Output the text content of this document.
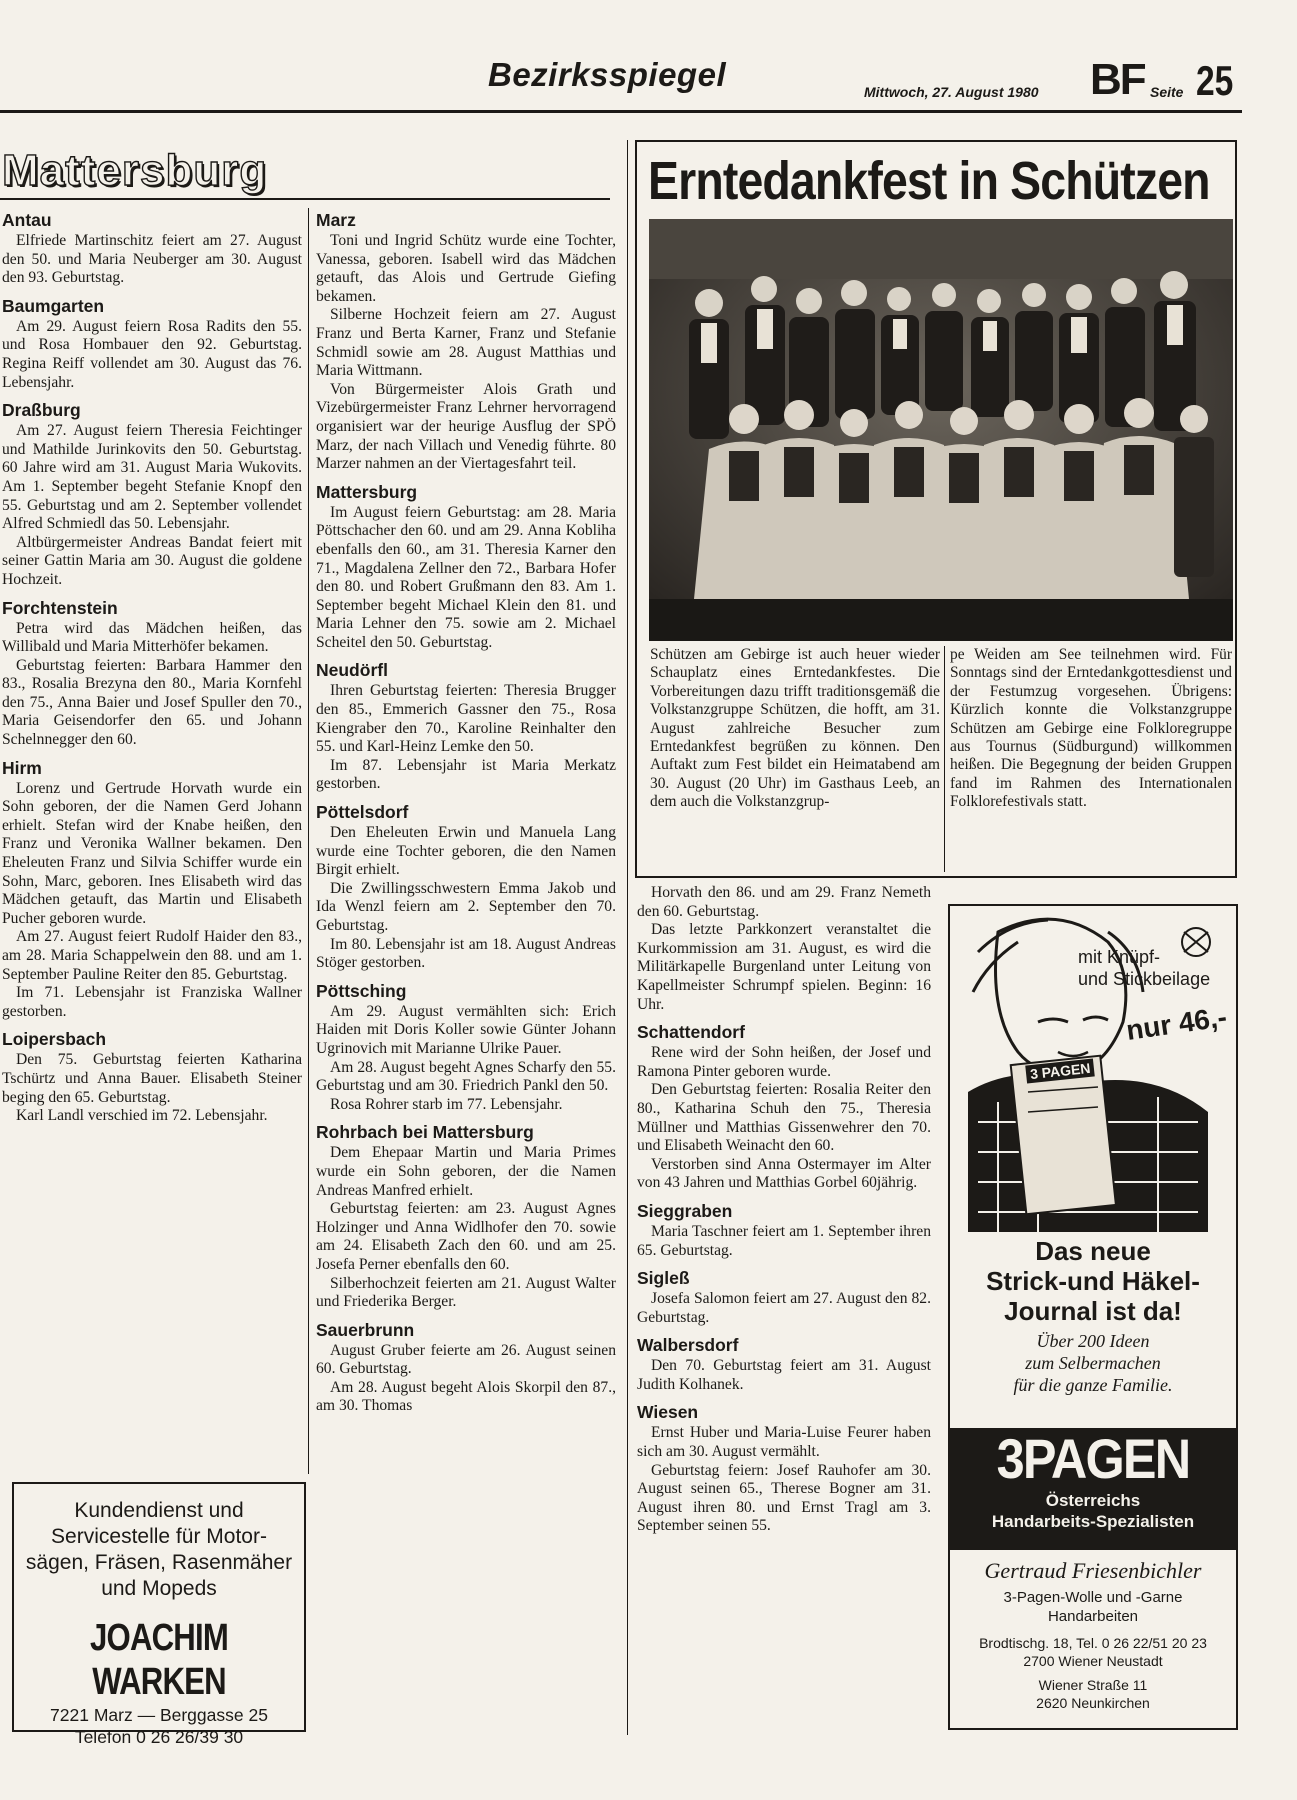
Bezirksspiegel	Mittwoch, 27. August 1980 BF Seite 25
Mattersburg
Antau

Elfriede Martinschitz feiert am 27. August den 50. und Maria Neuberger am 30. August den 93. Geburtstag.

Baumgarten

Am 29. August feiern Rosa Radits den 55. und Rosa Hombauer den 92. Geburtstag. Regina Reiff vollendet am 30. August das 76. Lebensjahr.

Draßburg

Am 27. August feiern Theresia Feichtinger und Mathilde Jurinkovits den 50. Geburtstag. 60 Jahre wird am 31. August Maria Wukovits. Am 1. September begeht Stefanie Knopf den 55. Geburtstag und am 2. September vollendet Alfred Schmiedl das 50. Lebensjahr.

Altbürgermeister Andreas Bandat feiert mit seiner Gattin Maria am 30. August die goldene Hochzeit.

Forchtenstein

Petra wird das Mädchen heißen, das Willibald und Maria Mitterhöfer bekamen.

Geburtstag feierten: Barbara Hammer den 83., Rosalia Brezyna den 80., Maria Kornfehl den 75., Anna Baier und Josef Spuller den 70., Maria Geisendorfer den 65. und Johann Schelnnegger den 60.

Hirm

Lorenz und Gertrude Horvath wurde ein Sohn geboren, der die Namen Gerd Johann erhielt. Stefan wird der Knabe heißen, den Franz und Veronika Wallner bekamen. Den Eheleuten Franz und Silvia Schiffer wurde ein Sohn, Marc, geboren. Ines Elisabeth wird das Mädchen getauft, das Martin und Elisabeth Pucher geboren wurde.

Am 27. August feiert Rudolf Haider den 83., am 28. Maria Schappelwein den 88. und am 1. September Pauline Reiter den 85. Geburtstag.

Im 71. Lebensjahr ist Franziska Wallner gestorben.

Loipersbach

Den 75. Geburtstag feierten Katharina Tschürtz und Anna Bauer. Elisabeth Steiner beging den 65. Geburtstag.

Karl Landl verschied im 72. Lebensjahr.

Marz

Toni und Ingrid Schütz wurde eine Tochter, Vanessa, geboren. Isabell wird das Mädchen getauft, das Alois und Gertrude Giefing bekamen.

Silberne Hochzeit feiern am 27. August Franz und Berta Karner, Franz und Stefanie Schmidl sowie am 28. August Matthias und Maria Wittmann.

Von Bürgermeister Alois Grath und Vizebürgermeister Franz Lehrner hervorragend organisiert war der heurige Ausflug der SPÖ Marz, der nach Villach und Venedig führte. 80 Marzer nahmen an der Viertagesfahrt teil.

Mattersburg

Im August feiern Geburtstag: am 28. Maria Pöttschacher den 60. und am 29. Anna Kobliha ebenfalls den 60., am 31. Theresia Karner den 71., Magdalena Zellner den 72., Barbara Hofer den 80. und Robert Grußmann den 83. Am 1. September begeht Michael Klein den 81. und Maria Lehner den 75. sowie am 2. Michael Scheitel den 50. Geburtstag.

Neudörfl

Ihren Geburtstag feierten: Theresia Brugger den 85., Emmerich Gassner den 75., Rosa Kiengraber den 70., Karoline Reinhalter den 55. und Karl-Heinz Lemke den 50.

Im 87. Lebensjahr ist Maria Merkatz gestorben.

Pöttelsdorf

Den Eheleuten Erwin und Manuela Lang wurde eine Tochter geboren, die den Namen Birgit erhielt.

Die Zwillingsschwestern Emma Jakob und Ida Wenzl feiern am 2. September den 70. Geburtstag.

Im 80. Lebensjahr ist am 18. August Andreas Stöger gestorben.

Pöttsching

Am 29. August vermählten sich: Erich Haiden mit Doris Koller sowie Günter Johann Ugrinovich mit Marianne Ulrike Pauer.

Am 28. August begeht Agnes Scharfy den 55. Geburtstag und am 30. Friedrich Pankl den 50.

Rosa Rohrer starb im 77. Lebensjahr.

Rohrbach bei Mattersburg

Dem Ehepaar Martin und Maria Primes wurde ein Sohn geboren, der die Namen Andreas Manfred erhielt.

Geburtstag feierten: am 23. August Agnes Holzinger und Anna Widlhofer den 70. sowie am 24. Elisabeth Zach den 60. und am 25. Josefa Perner ebenfalls den 60.

Silberhochzeit feierten am 21. August Walter und Friederika Berger.

Sauerbrunn

August Gruber feierte am 26. August seinen 60. Geburtstag.

Am 28. August begeht Alois Skorpil den 87., am 30. Thomas

Horvath den 86. und am 29. Franz Nemeth den 60. Geburtstag.

Das letzte Parkkonzert veranstaltet die Kurkommission am 31. August, es wird die Militärkapelle Burgenland unter Leitung von Kapellmeister Schrumpf spielen. Beginn: 16 Uhr.

Schattendorf

Rene wird der Sohn heißen, der Josef und Ramona Pinter geboren wurde.

Den Geburtstag feierten: Rosalia Reiter den 80., Katharina Schuh den 75., Theresia Müllner und Matthias Gissenwehrer den 70. und Elisabeth Weinacht den 60.

Verstorben sind Anna Ostermayer im Alter von 43 Jahren und Matthias Gorbel 60jährig.

Sieggraben

Maria Taschner feiert am 1. September ihren 65. Geburtstag.

Sigleß

Josefa Salomon feiert am 27. August den 82. Geburtstag.

Walbersdorf

Den 70. Geburtstag feiert am 31. August Judith Kolhanek.

Wiesen

Ernst Huber und Maria-Luise Feurer haben sich am 30. August vermählt.

Geburtstag feiern: Josef Rauhofer am 30. August seinen 65., Therese Bogner am 31. August ihren 80. und Ernst Tragl am 3. September seinen 55.

Erntedankfest in Schützen
Schützen am Gebirge ist auch heuer wieder Schauplatz eines Erntedankfestes. Die Vorbereitungen dazu trifft traditionsgemäß die Volkstanzgruppe Schützen, die hofft, am 31. August zahlreiche Besucher zum Erntedankfest begrüßen zu können. Den Auftakt zum Fest bildet ein Heimatabend am 30. August (20 Uhr) im Gasthaus Leeb, an dem auch die Volkstanzgrup-
pe Weiden am See teilnehmen wird. Für Sonntags sind der Erntedankgottesdienst und der Festumzug vorgesehen. Übrigens: Kürzlich konnte die Volkstanzgruppe Schützen am Gebirge eine Folkloregruppe aus Tournus (Südburgund) willkommen heißen. Die Begegnung der beiden Gruppen fand im Rahmen des Internationalen Folklorefestivals statt.
Kundendienst und
Servicestelle für Motor-
sägen, Fräsen, Rasenmäher
und Mopeds
JOACHIM WARKEN
7221 Marz — Berggasse 25
Telefon 0 26 26/39 30
mit Knüpf-
und Stickbeilage
nur 46,-
3 PAGEN
Das neue
Strick-und Häkel-
Journal ist da!
Über 200 Ideen
zum Selbermachen
für die ganze Familie.
3PAGEN
Österreichs
Handarbeits-Spezialisten
Gertraud Friesenbichler
3-Pagen-Wolle und -Garne
Handarbeiten
Brodtischg. 18, Tel. 0 26 22/51 20 23
2700 Wiener Neustadt
Wiener Straße 11
2620 Neunkirchen
